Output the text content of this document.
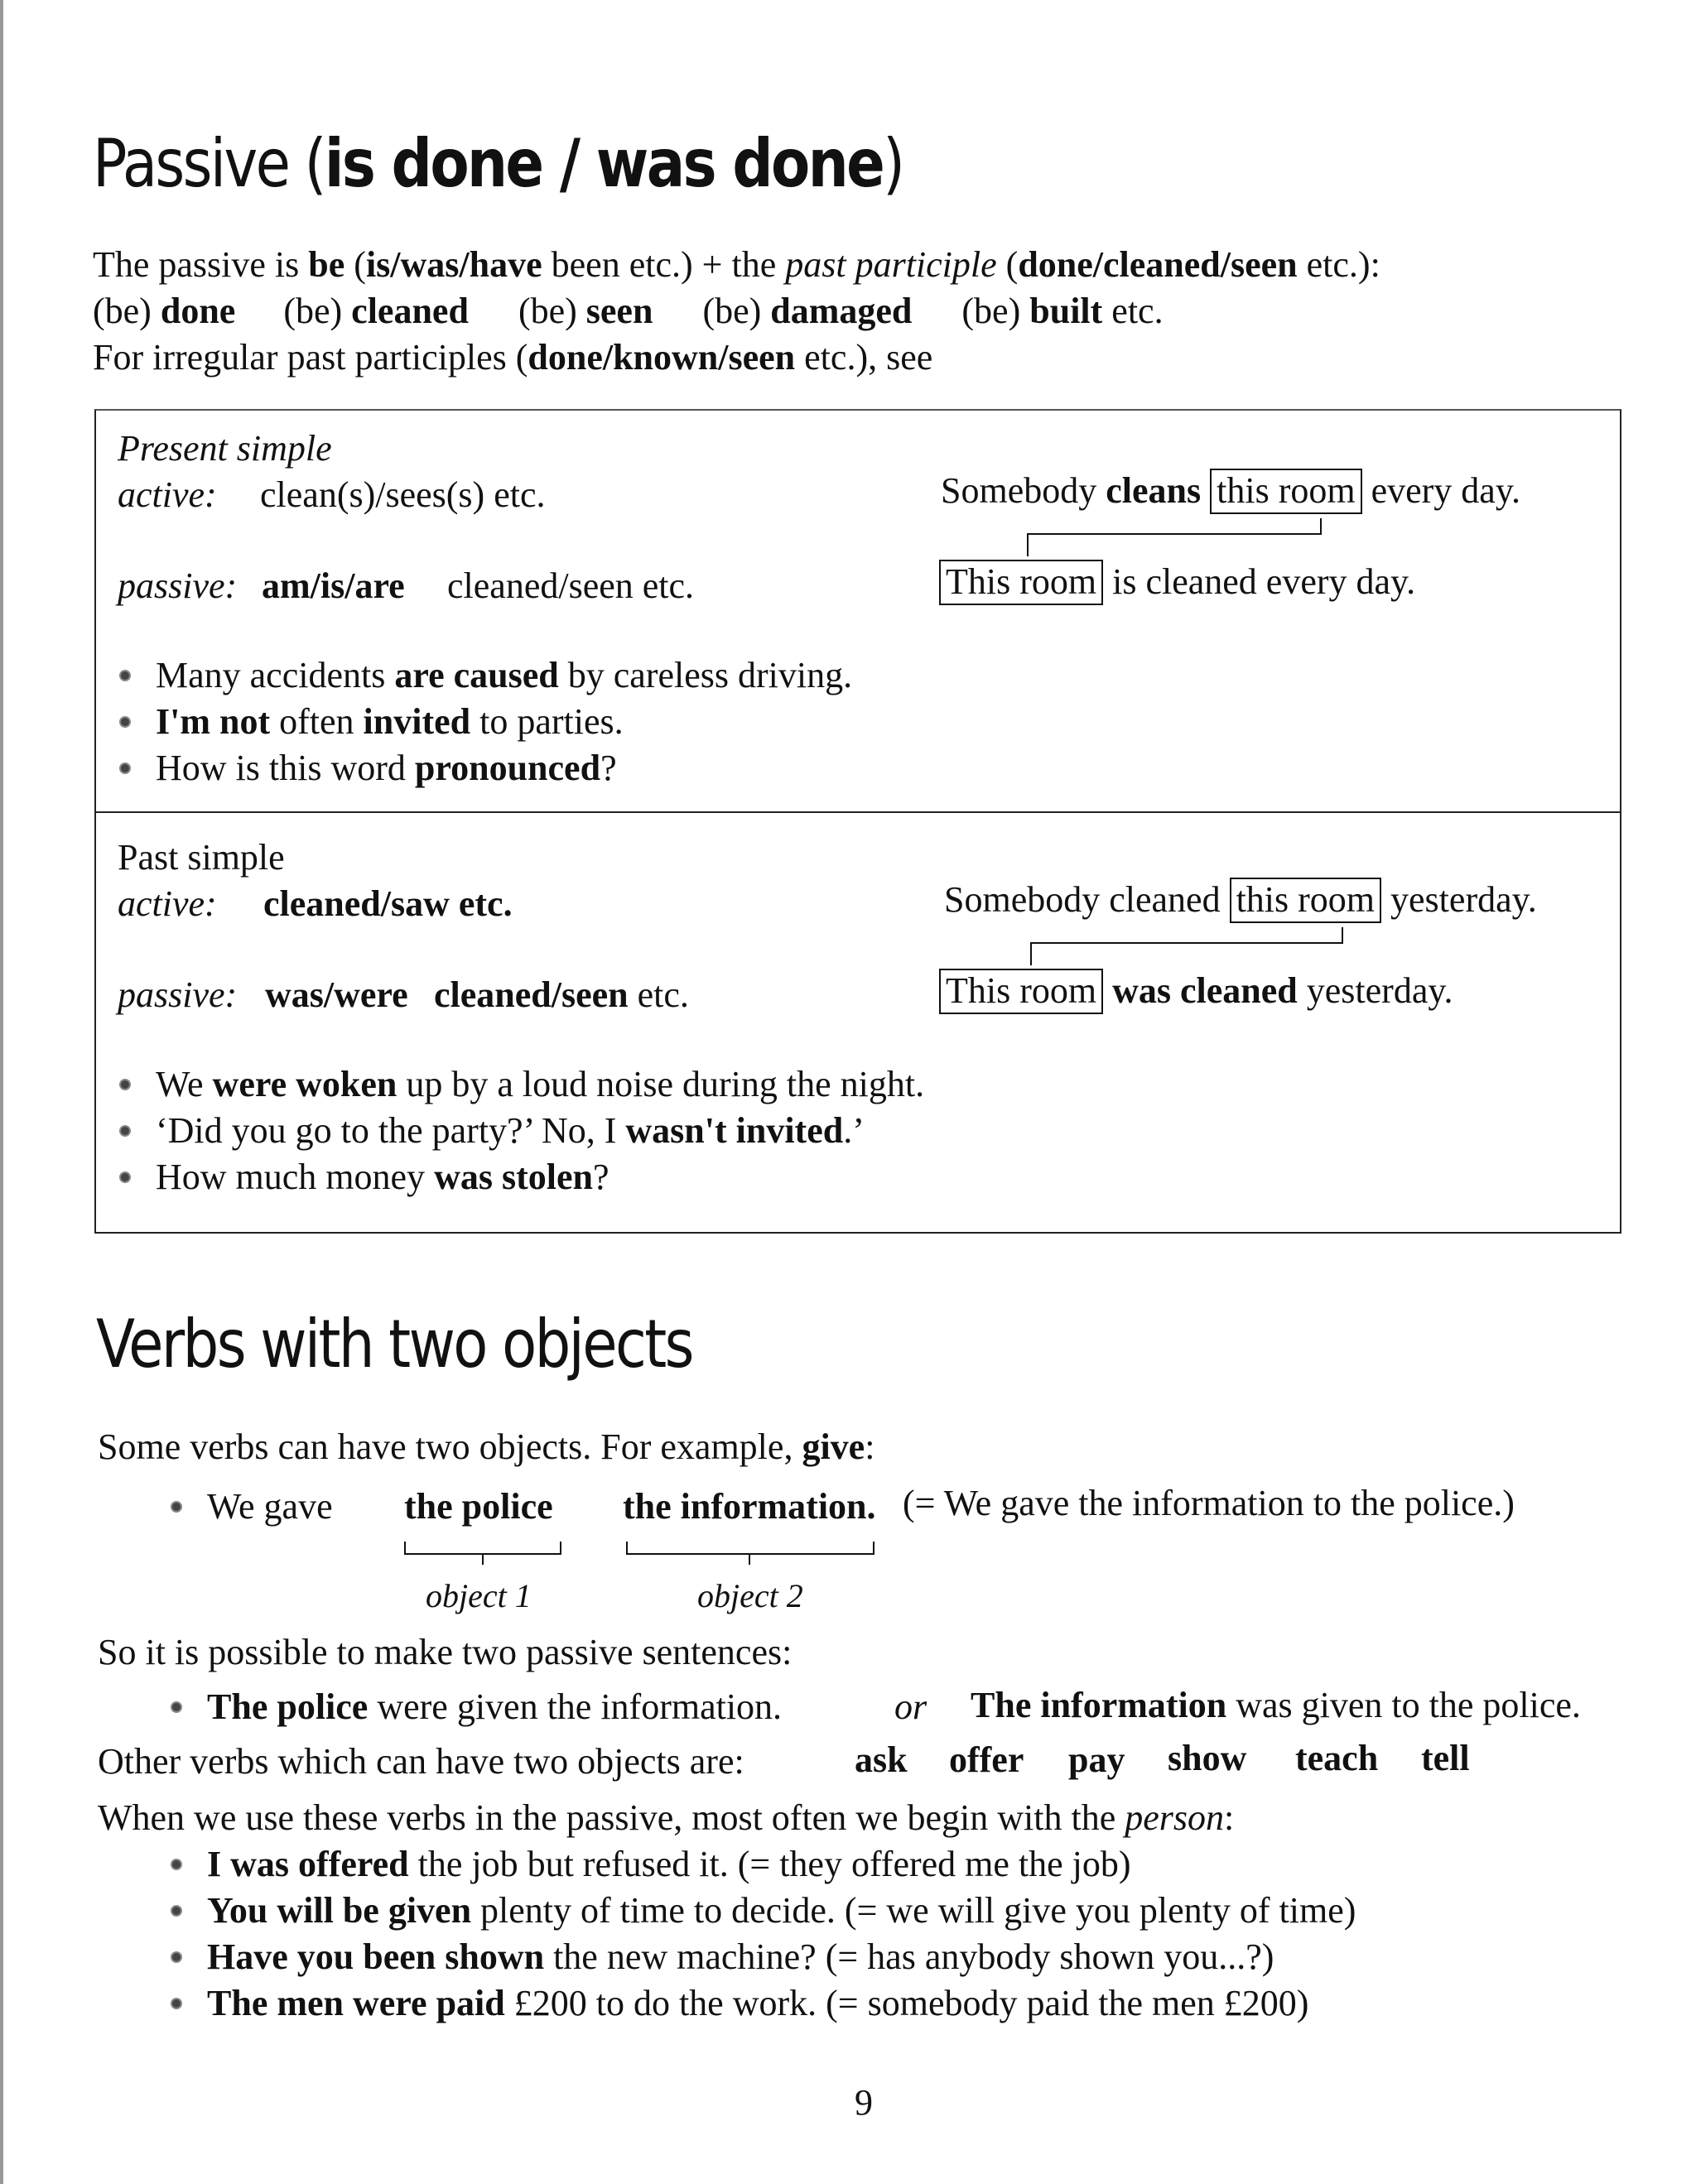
Passive (is done / was done)
The passive is be (is/was/have been etc.) + the past participle (done/cleaned/seen etc.):
(be) done (be) cleaned (be) seen (be) damaged (be) built etc.
For irregular past participles (done/known/seen etc.), see
Present simple
active: clean(s)/sees(s) etc.
passive: am/is/are cleaned/seen etc.
Somebody cleans this room every day.
This room is cleaned every day.
Many accidents are caused by careless driving.
I'm not often invited to parties.
How is this word pronounced?
Past simple
active: cleaned/saw etc.
passive: was/were cleaned/seen etc.
Somebody cleaned this room yesterday.
This room was cleaned yesterday.
We were woken up by a loud noise during the night.
‘Did you go to the party?’ No, I wasn't invited.’
How much money was stolen?
Verbs with two objects
Some verbs can have two objects. For example, give:
We gave the police the information. (= We gave the information to the police.)
object 1	object 2
So it is possible to make two passive sentences:
The police were given the information.	or The information was given to the police.
Other verbs which can have two objects are:	ask offer pay show teach tell
When we use these verbs in the passive, most often we begin with the person:
I was offered the job but refused it. (= they offered me the job)
You will be given plenty of time to decide. (= we will give you plenty of time)
Have you been shown the new machine? (= has anybody shown you...?)
The men were paid £200 to do the work. (= somebody paid the men £200)
9
